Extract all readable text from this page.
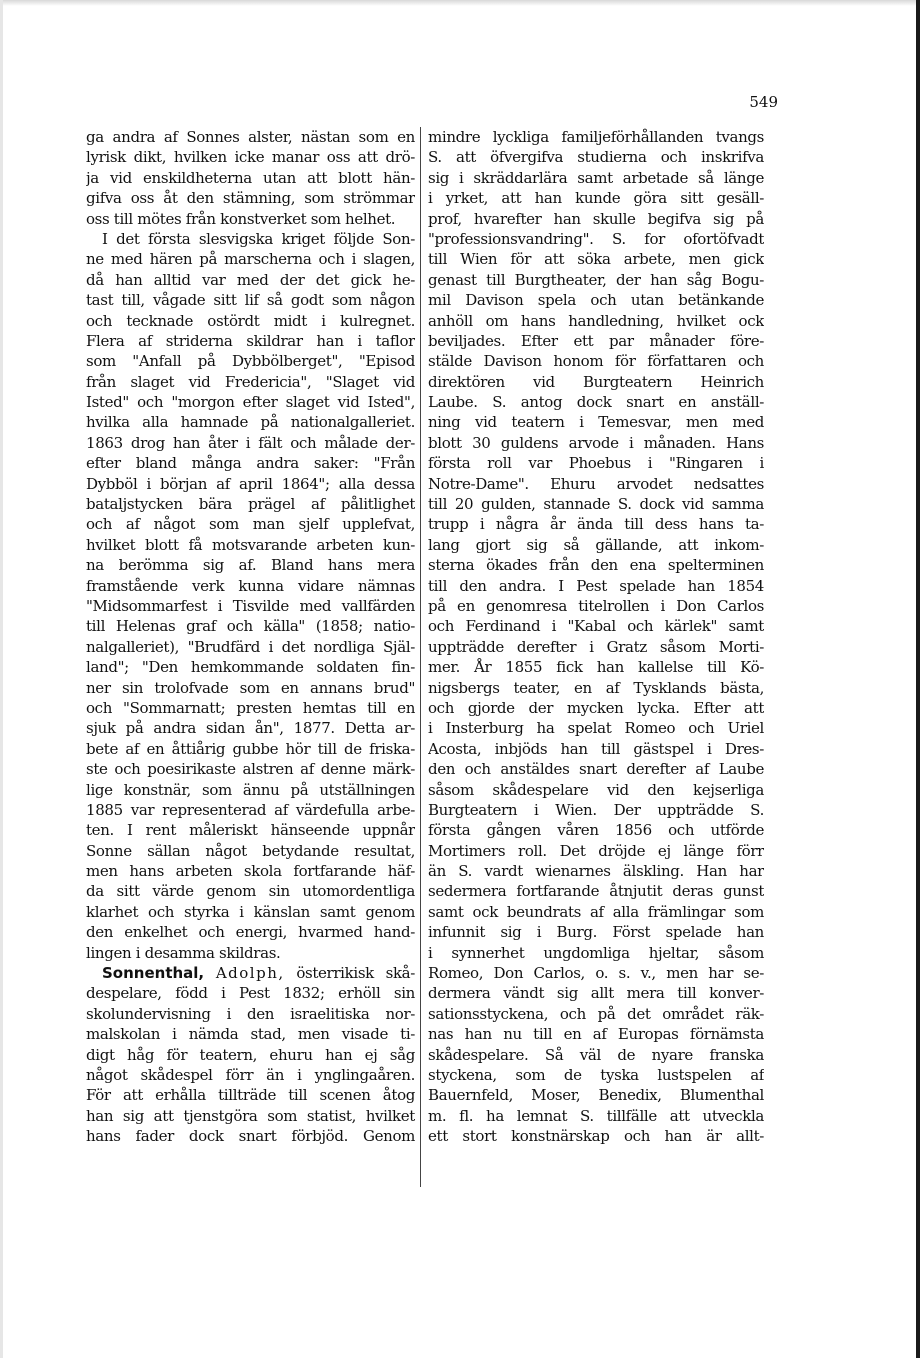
549
ga andra af Sonnes alster, nästan som en
lyrisk dikt, hvilken icke manar oss att drö-
ja vid enskildheterna utan att blott hän-
gifva oss åt den stämning, som strömmar
oss till mötes från konstverket som helhet.
I det första slesvigska kriget följde Son-
ne med hären på marscherna och i slagen,
då han alltid var med der det gick he-
tast till, vågade sitt lif så godt som någon
och tecknade ostördt midt i kulregnet.
Flera af striderna skildrar han i taflor
som "Anfall på Dybbölberget", "Episod
från slaget vid Fredericia", "Slaget vid
Isted" och "morgon efter slaget vid Isted",
hvilka alla hamnade på nationalgalleriet.
1863 drog han åter i fält och målade der-
efter bland många andra saker: "Från
Dybböl i början af april 1864"; alla dessa
bataljstycken bära prägel af pålitlighet
och af något som man sjelf upplefvat,
hvilket blott få motsvarande arbeten kun-
na berömma sig af. Bland hans mera
framstående verk kunna vidare nämnas
"Midsommarfest i Tisvilde med vallfärden
till Helenas graf och källa" (1858; natio-
nalgalleriet), "Brudfärd i det nordliga Själ-
land"; "Den hemkommande soldaten fin-
ner sin trolofvade som en annans brud"
och "Sommarnatt; presten hemtas till en
sjuk på andra sidan ån", 1877. Detta ar-
bete af en åttiårig gubbe hör till de friska-
ste och poesirikaste alstren af denne märk-
lige konstnär, som ännu på utställningen
1885 var representerad af värdefulla arbe-
ten. I rent måleriskt hänseende uppnår
Sonne sällan något betydande resultat,
men hans arbeten skola fortfarande häf-
da sitt värde genom sin utomordentliga
klarhet och styrka i känslan samt genom
den enkelhet och energi, hvarmed hand-
lingen i desamma skildras.
Sonnenthal, Adolph, österrikisk skå-
despelare, född i Pest 1832; erhöll sin
skolundervisning i den israelitiska nor-
malskolan i nämda stad, men visade ti-
digt håg för teatern, ehuru han ej såg
något skådespel förr än i ynglingaåren.
För att erhålla tillträde till scenen åtog
han sig att tjenstgöra som statist, hvilket
hans fader dock snart förbjöd. Genom
mindre lyckliga familjeförhållanden tvangs
S. att öfvergifva studierna och inskrifva
sig i skräddarlära samt arbetade så länge
i yrket, att han kunde göra sitt gesäll-
prof, hvarefter han skulle begifva sig på
"professionsvandring". S. for ofortöfvadt
till Wien för att söka arbete, men gick
genast till Burgtheater, der han såg Bogu-
mil Davison spela och utan betänkande
anhöll om hans handledning, hvilket ock
beviljades. Efter ett par månader före-
stälde Davison honom för författaren och
direktören vid Burgteatern Heinrich
Laube. S. antog dock snart en anställ-
ning vid teatern i Temesvar, men med
blott 30 guldens arvode i månaden. Hans
första roll var Phoebus i "Ringaren i
Notre-Dame". Ehuru arvodet nedsattes
till 20 gulden, stannade S. dock vid samma
trupp i några år ända till dess hans ta-
lang gjort sig så gällande, att inkom-
sterna ökades från den ena spelterminen
till den andra. I Pest spelade han 1854
på en genomresa titelrollen i Don Carlos
och Ferdinand i "Kabal och kärlek" samt
uppträdde derefter i Gratz såsom Morti-
mer. År 1855 fick han kallelse till Kö-
nigsbergs teater, en af Tysklands bästa,
och gjorde der mycken lycka. Efter att
i Insterburg ha spelat Romeo och Uriel
Acosta, inbjöds han till gästspel i Dres-
den och anstäldes snart derefter af Laube
såsom skådespelare vid den kejserliga
Burgteatern i Wien. Der uppträdde S.
första gången våren 1856 och utförde
Mortimers roll. Det dröjde ej länge förr
än S. vardt wienarnes älskling. Han har
sedermera fortfarande åtnjutit deras gunst
samt ock beundrats af alla främlingar som
infunnit sig i Burg. Först spelade han
i synnerhet ungdomliga hjeltar, såsom
Romeo, Don Carlos, o. s. v., men har se-
dermera vändt sig allt mera till konver-
sationsstyckena, och på det området räk-
nas han nu till en af Europas förnämsta
skådespelare. Så väl de nyare franska
styckena, som de tyska lustspelen af
Bauernfeld, Moser, Benedix, Blumenthal
m. fl. ha lemnat S. tillfälle att utveckla
ett stort konstnärskap och han är allt-
